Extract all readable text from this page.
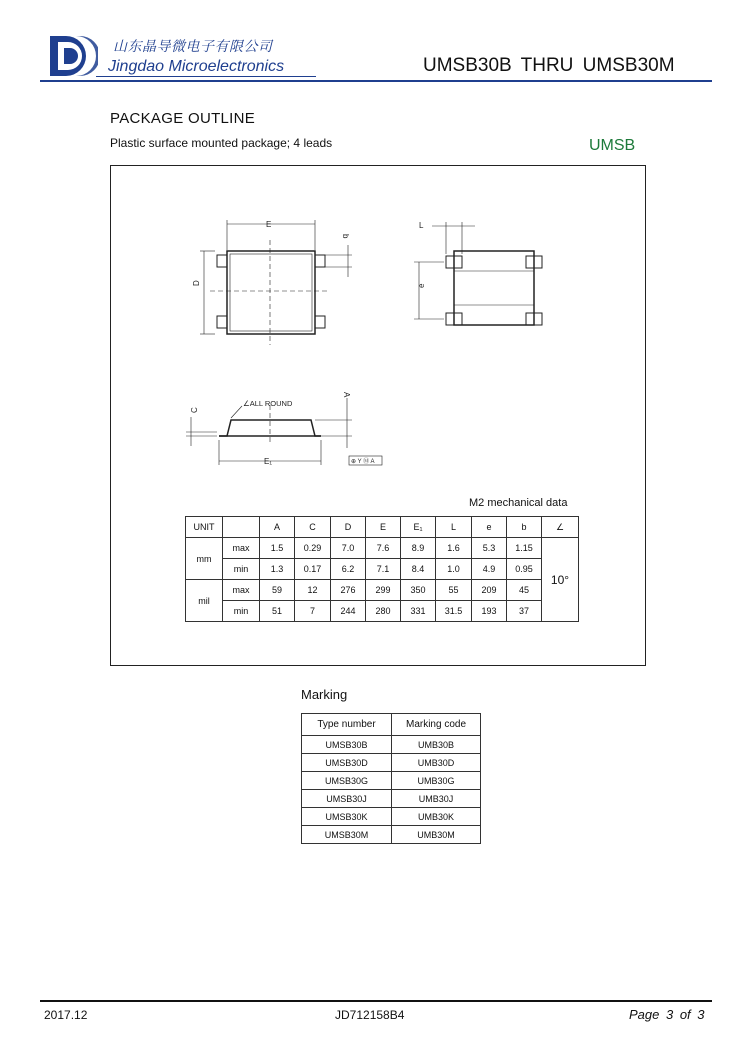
山东晶导微电子有限公司
Jingdao Microelectronics	UMSB30B THRU UMSB30M
PACKAGE OUTLINE
Plastic surface mounted package; 4 leads	UMSB
E
b
D
L
e
A
C
∠ALL ROUND
E₁	⊕ Y Ⓜ A
M2 mechanical data
UNIT		A	C	D	E	E₁	L	e	b	∠
mm	max	1.5	0.29	7.0	7.6	8.9	1.6	5.3	1.15	10°
	min	1.3	0.17	6.2	7.1	8.4	1.0	4.9	0.95	
mil	max	59	12	276	299	350	55	209	45	
	min	51	7	244	280	331	31.5	193	37	
Marking
Type number	Marking code
UMSB30B	UMB30B
UMSB30D	UMB30D
UMSB30G	UMB30G
UMSB30J	UMB30J
UMSB30K	UMB30K
UMSB30M	UMB30M
2017.12	JD712158B4	Page 3 of 3
